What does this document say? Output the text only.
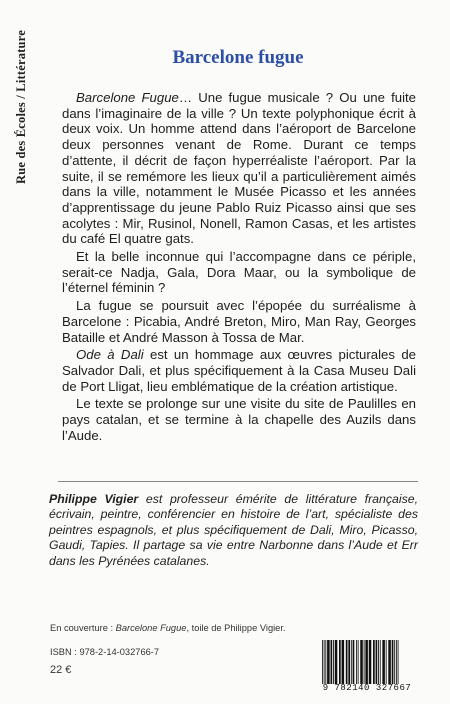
Rue des Écoles / Littérature	Barcelone fugue

Barcelone Fugue… Une fugue musicale ? Ou une fuite dans l’imaginaire de la ville ? Un texte polyphonique écrit à deux voix. Un homme attend dans l’aéroport de Barcelone deux personnes venant de Rome. Durant ce temps d’attente, il décrit de façon hyperréaliste l’aéroport. Par la suite, il se remémore les lieux qu’il a particulièrement aimés dans la ville, notamment le Musée Picasso et les années d’apprentissage du jeune Pablo Ruiz Picasso ainsi que ses acolytes : Mir, Rusinol, Nonell, Ramon Casas, et les artistes du café El quatre gats.

Et la belle inconnue qui l’accompagne dans ce périple, serait-ce Nadja, Gala, Dora Maar, ou la symbolique de l’éternel féminin ?

La fugue se poursuit avec l’épopée du surréalisme à Barcelone : Picabia, André Breton, Miro, Man Ray, Georges Bataille et André Masson à Tossa de Mar.

Ode à Dali est un hommage aux œuvres picturales de Salvador Dali, et plus spécifiquement à la Casa Museu Dali de Port Lligat, lieu emblématique de la création artistique.

Le texte se prolonge sur une visite du site de Paulilles en pays catalan, et se termine à la chapelle des Auzils dans l’Aude.

Philippe Vigier est professeur émérite de littérature française, écrivain, peintre, conférencier en histoire de l’art, spécialiste des peintres espagnols, et plus spécifiquement de Dali, Miro, Picasso, Gaudi, Tapies. Il partage sa vie entre Narbonne dans l’Aude et Err dans les Pyrénées catalanes.
En couverture : Barcelone Fugue, toile de Philippe Vigier.
ISBN : 978-2-14-032766-7
22 €
9 782140 327667
